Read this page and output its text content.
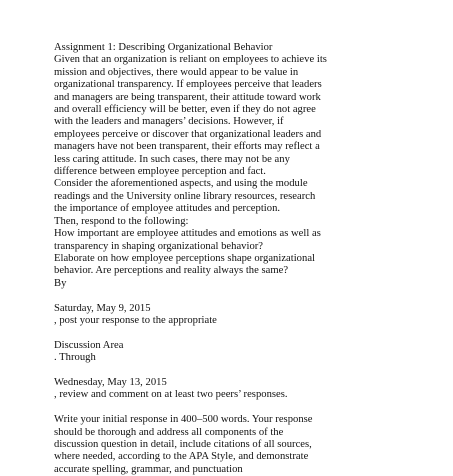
Assignment 1: Describing Organizational Behavior

Given that an organization is reliant on employees to achieve its
mission and objectives, there would appear to be value in
organizational transparency. If employees perceive that leaders
and managers are being transparent, their attitude toward work
and overall efficiency will be better, even if they do not agree
with the leaders and managers’ decisions. However, if
employees perceive or discover that organizational leaders and
managers have not been transparent, their efforts may reflect a
less caring attitude. In such cases, there may not be any
difference between employee perception and fact.

Consider the aforementioned aspects, and using the module
readings and the University online library resources, research
the importance of employee attitudes and perception.

Then, respond to the following:

How important are employee attitudes and emotions as well as
transparency in shaping organizational behavior?

Elaborate on how employee perceptions shape organizational
behavior. Are perceptions and reality always the same?

By

Saturday, May 9, 2015

, post your response to the appropriate

Discussion Area

. Through

Wednesday, May 13, 2015

, review and comment on at least two peers’ responses.

Write your initial response in 400–500 words. Your response
should be thorough and address all components of the
discussion question in detail, include citations of all sources,
where needed, according to the APA Style, and demonstrate
accurate spelling, grammar, and punctuation
